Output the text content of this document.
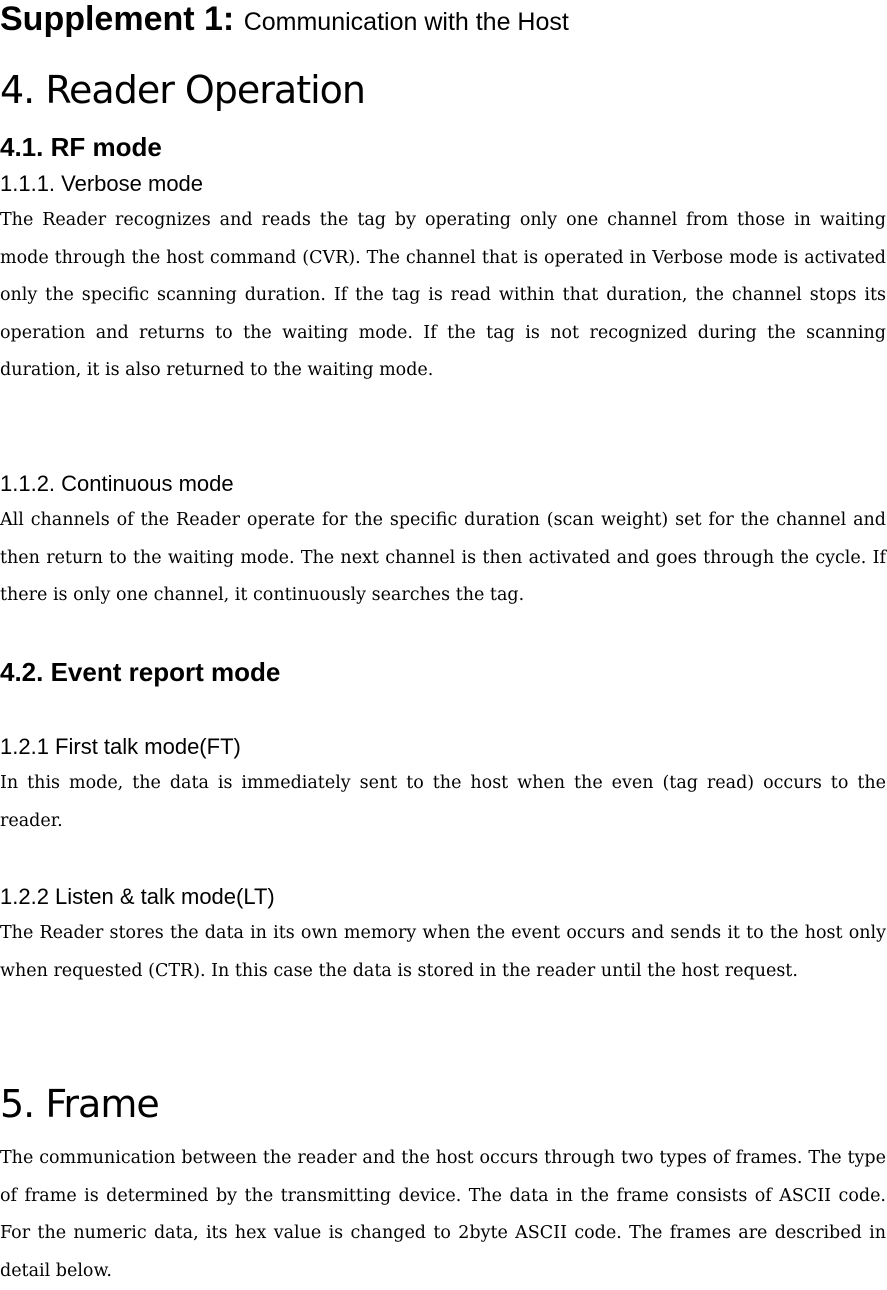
Supplement 1: Communication with the Host
4. Reader Operation
4.1. RF mode
1.1.1. Verbose mode
The Reader recognizes and reads the tag by operating only one channel from those in waiting mode through the host command (CVR). The channel that is operated in Verbose mode is activated only the specific scanning duration. If the tag is read within that duration, the channel stops its operation and returns to the waiting mode. If the tag is not recognized during the scanning duration, it is also returned to the waiting mode.
1.1.2. Continuous mode
All channels of the Reader operate for the specific duration (scan weight) set for the channel and then return to the waiting mode. The next channel is then activated and goes through the cycle. If there is only one channel, it continuously searches the tag.
4.2. Event report mode
1.2.1 First talk mode(FT)
In this mode, the data is immediately sent to the host when the even (tag read) occurs to the reader.
1.2.2 Listen & talk mode(LT)
The Reader stores the data in its own memory when the event occurs and sends it to the host only when requested (CTR). In this case the data is stored in the reader until the host request.
5. Frame
The communication between the reader and the host occurs through two types of frames. The type of frame is determined by the transmitting device. The data in the frame consists of ASCII code. For the numeric data, its hex value is changed to 2byte ASCII code. The frames are described in detail below.
